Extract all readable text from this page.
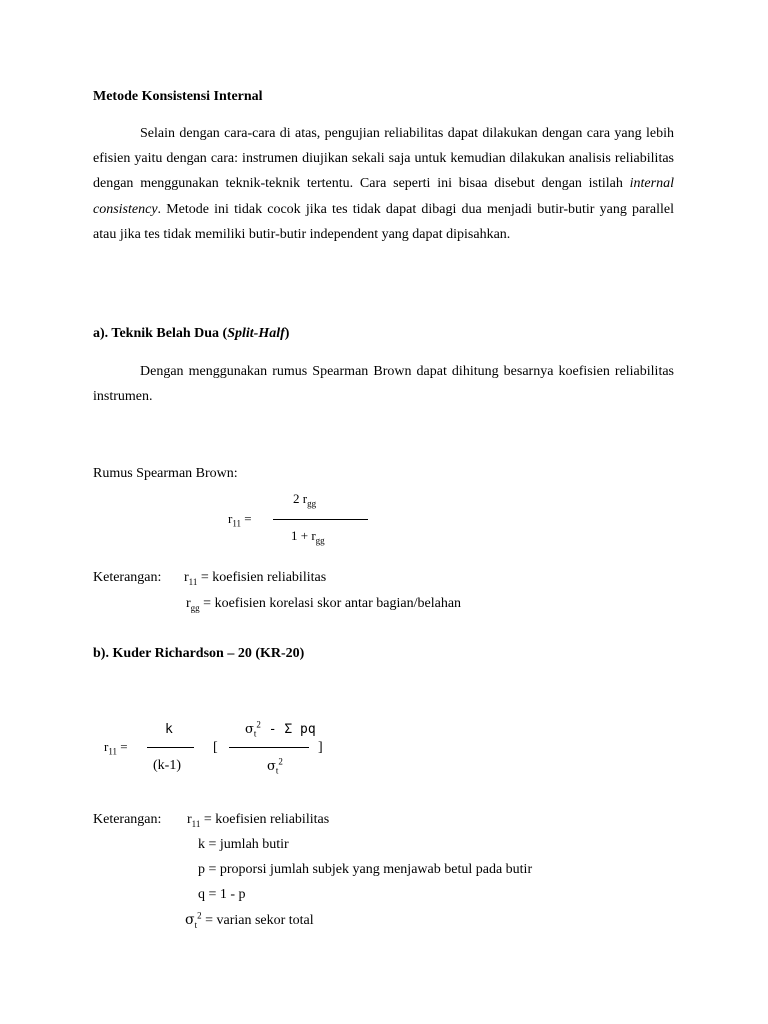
Metode Konsistensi Internal
Selain dengan cara-cara di atas, pengujian reliabilitas dapat dilakukan dengan cara yang lebih efisien yaitu dengan cara: instrumen diujikan sekali saja untuk kemudian dilakukan analisis reliabilitas dengan menggunakan teknik-teknik tertentu. Cara seperti ini bisaa disebut dengan istilah internal consistency. Metode ini tidak cocok jika tes tidak dapat dibagi dua menjadi butir-butir yang parallel atau jika tes tidak memiliki butir-butir independent yang dapat dipisahkan.
a). Teknik Belah Dua (Split-Half)
Dengan menggunakan rumus Spearman Brown dapat dihitung besarnya koefisien reliabilitas instrumen.
Rumus Spearman Brown:
$r_{11}$ =
2 $r_{gg}$
$1 + r_{gg}$
Keterangan: $r_{11}$ = koefisien reliabilitas
$r_{gg}$ = koefisien korelasi skor antar bagian/belahan
b). Kuder Richardson – 20 (KR-20)
$r_{11}$ =
k
(k-1)
[
$\sigma_t^2$ - Σ pq
$\sigma_t^2$
]
Keterangan: $r_{11}$ = koefisien reliabilitas
k = jumlah butir
p = proporsi jumlah subjek yang menjawab betul pada butir
q = 1 - p
$\sigma_t^2$ = varian sekor total
